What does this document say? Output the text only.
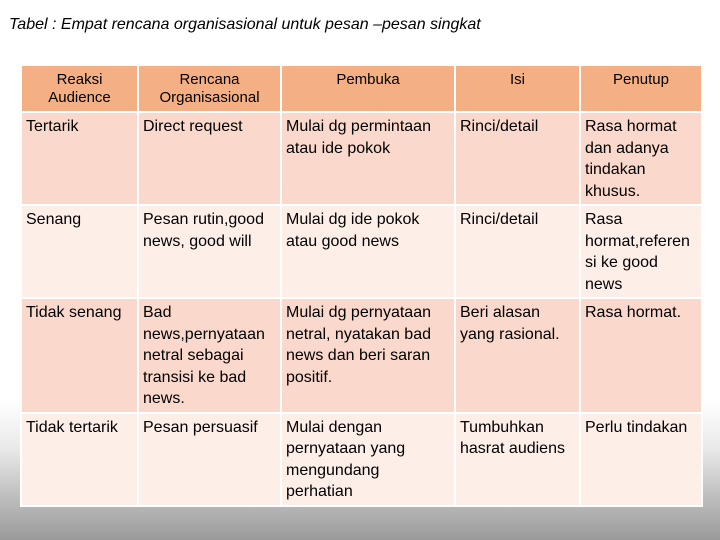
Tabel : Empat rencana organisasional untuk pesan –pesan singkat
Reaksi Audience	Rencana Organisasional	Pembuka	Isi	Penutup
Tertarik	Direct request	Mulai dg permintaan atau ide pokok	Rinci/detail	Rasa hormat dan adanya tindakan khusus.
Senang	Pesan rutin,good news, good will	Mulai dg ide pokok atau good news	Rinci/detail	Rasa hormat,referensi ke good news
Tidak senang	Bad news,pernyataan netral sebagai transisi ke bad news.	Mulai dg pernyataan netral, nyatakan bad news dan beri saran positif.	Beri alasan yang rasional.	Rasa hormat.
Tidak tertarik	Pesan persuasif	Mulai dengan pernyataan yang mengundang perhatian	Tumbuhkan hasrat audiens	Perlu tindakan
